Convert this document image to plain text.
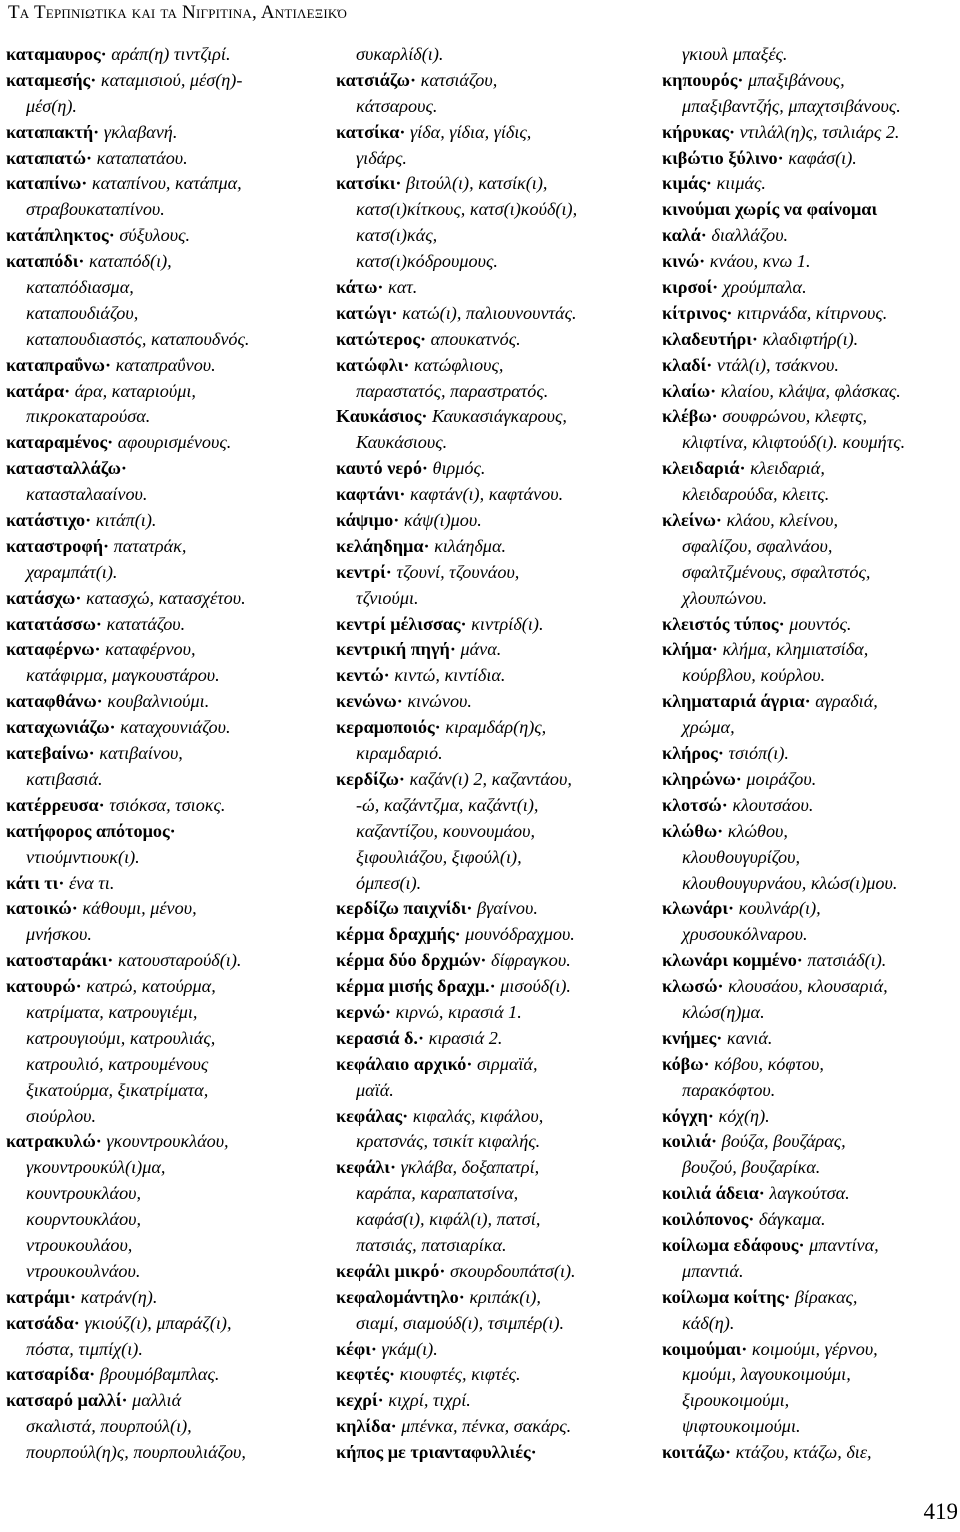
Τα Τερπνιωτικα και τα Νιγριτινα, Αντιλεξικό
καταμαυρος· αράπ(η) τιντζιρί.
καταμεσής· καταμισιού, μέσ(η)-
μέσ(η).
καταπακτή· γκλαβανή.
καταπατώ· καταπατάου.
καταπίνω· καταπίνου, κατάπμα,
στραβουκαταπίνου.
κατάπληκτος· σύξυλους.
καταπόδι· καταπόδ(ι),
καταπόδιασμα,
καταπουδιάζου,
καταπουδιαστός, καταπουδνός.
καταπραΰνω· καταπραΰνου.
κατάρα· άρα, καταριούμι,
πικροκαταρούσα.
καταραμένος· αφουρισμένους.
κατασταλλάζω·
κατασταλααίνου.
κατάστιχο· κιτάπ(ι).
καταστροφή· πατατράκ,
χαραμπάτ(ι).
κατάσχω· κατασχώ, κατασχέτου.
κατατάσσω· κατατάζου.
καταφέρνω· καταφέρνου,
κατάφιρμα, μαγκουστάρου.
καταφθάνω· κουβαλνιούμι.
καταχωνιάζω· καταχουνιάζου.
κατεβαίνω· κατιβαίνου,
κατιβασιά.
κατέρρευσα· τσιόκσα, τσιοκς.
κατήφορος απότομος·
ντιούμντιουκ(ι).
κάτι τι· ένα τι.
κατοικώ· κάθουμι, μένου,
μνήσκου.
κατοσταράκι· κατουσταρούδ(ι).
κατουρώ· κατρώ, κατούρμα,
κατρίματα, κατρουγιέμι,
κατρουγιούμι, κατρουλιάς,
κατρουλιό, κατρουμένους
ξικατούρμα, ξικατρίματα,
σιούρλου.
κατρακυλώ· γκουντρουκλάου,
γκουντρουκύλ(ι)μα,
κουντρουκλάου,
κουρντουκλάου,
ντρουκουλάου,
ντρουκουλνάου.
κατράμι· κατράν(η).
κατσάδα· γκιούζ(ι), μπαράζ(ι),
πόστα, τιμπίχ(ι).
κατσαρίδα· βρουμόβαμπλας.
κατσαρό μαλλί· μαλλιά
σκαλιστά, πουρπούλ(ι),
πουρπούλ(η)ς, πουρπουλιάζου,
συκαρλίδ(ι).
κατσιάζω· κατσιάζου,
κάτσαρους.
κατσίκα· γίδα, γίδια, γίδις,
γιδάρς.
κατσίκι· βιτούλ(ι), κατσίκ(ι),
κατσ(ι)κίτκους, κατσ(ι)κούδ(ι),
κατσ(ι)κάς,
κατσ(ι)κόδρουμους.
κάτω· κατ.
κατώγι· κατώ(ι), παλιουνουντάς.
κατώτερος· απουκατνός.
κατώφλι· κατώφλιους,
παραστατός, παραστρατός.
Καυκάσιος· Καυκασιάγκαρους,
Καυκάσιους.
καυτό νερό· θιρμός.
καφτάνι· καφτάν(ι), καφτάνου.
κάψιμο· κάψ(ι)μου.
κελάηδημα· κιλάηδμα.
κεντρί· τζουνί, τζουνάου,
τζνιούμι.
κεντρί μέλισσας· κιντρίδ(ι).
κεντρική πηγή· μάνα.
κεντώ· κιντώ, κιντίδια.
κενώνω· κινώνου.
κεραμοποιός· κιραμδάρ(η)ς,
κιραμδαριό.
κερδίζω· καζάν(ι) 2, καζαντάου,
-ώ, καζάντζμα, καζάντ(ι),
καζαντίζου, κουνουμάου,
ξιφουλιάζου, ξιφούλ(ι),
όμπεσ(ι).
κερδίζω παιχνίδι· βγαίνου.
κέρμα δραχμής· μουνόδραχμου.
κέρμα δύο δρχμών· δίφραγκου.
κέρμα μισής δραχμ.· μισούδ(ι).
κερνώ· κιρνώ, κιρασιά 1.
κερασιά δ.· κιρασιά 2.
κεφάλαιο αρχικό· σιρμαϊά,
μαϊά.
κεφάλας· κιφαλάς, κιφάλου,
κρατσνάς, τσικίτ κιφαλής.
κεφάλι· γκλάβα, δοξαπατρί,
καράπα, καραπατσίνα,
καφάσ(ι), κιφάλ(ι), πατσί,
πατσιάς, πατσιαρίκα.
κεφάλι μικρό· σκουρδουπάτσ(ι).
κεφαλομάντηλο· κριπάκ(ι),
σιαμί, σιαμούδ(ι), τσιμπέρ(ι).
κέφι· γκάμ(ι).
κεφτές· κιουφτές, κιφτές.
κεχρί· κιχρί, τιχρί.
κηλίδα· μπένκα, πένκα, σακάρς.
κήπος με τριανταφυλλιές·
γκιουλ μπαξές.
κηπουρός· μπαξιβάνους,
μπαξιβαντζής, μπαχτσιβάνους.
κήρυκας· ντιλάλ(η)ς, τσιλιάρς 2.
κιβώτιο ξύλινο· καφάσ(ι).
κιμάς· κιιμάς.
κινούμαι χωρίς να φαίνομαι
καλά· διαλλάζου.
κινώ· κνάου, κνω 1.
κιρσοί· χρούμπαλα.
κίτρινος· κιτιρνάδα, κίτιρνους.
κλαδευτήρι· κλαδιφτήρ(ι).
κλαδί· ντάλ(ι), τσάκνου.
κλαίω· κλαίου, κλάψα, φλάσκας.
κλέβω· σουφρώνου, κλεφτς,
κλιφτίνα, κλιφτούδ(ι). κουμήτς.
κλειδαριά· κλειδαριά,
κλειδαρούδα, κλειτς.
κλείνω· κλάου, κλείνου,
σφαλίζου, σφαλνάου,
σφαλτζμένους, σφαλτστός,
χλουπώνου.
κλειστός τύπος· μουντός.
κλήμα· κλήμα, κλημιατσίδα,
κούρβλου, κούρλου.
κληματαριά άγρια· αγραδιά,
χρώμα,
κλήρος· τσιόπ(ι).
κληρώνω· μοιράζου.
κλοτσώ· κλουτσάου.
κλώθω· κλώθου,
κλουθουγυρίζου,
κλουθουγυρνάου, κλώσ(ι)μου.
κλωνάρι· κουλνάρ(ι),
χρυσουκόλναρου.
κλωνάρι κομμένο· πατσιάδ(ι).
κλωσώ· κλουσάου, κλουσαριά,
κλώσ(η)μα.
κνήμες· κανιά.
κόβω· κόβου, κόφτου,
παρακόφτου.
κόγχη· κόχ(η).
κοιλιά· βούζα, βουζάρας,
βουζού, βουζαρίκα.
κοιλιά άδεια· λαγκούτσα.
κοιλόπονος· δάγκαμα.
κοίλωμα εδάφους· μπαντίνα,
μπαντιά.
κοίλωμα κοίτης· βίρακας,
κάδ(η).
κοιμούμαι· κοιμούμι, γέρνου,
κμούμι, λαγουκοιμούμι,
ξιρουκοιμούμι,
ψιφτουκοιμούμι.
κοιτάζω· κτάζου, κτάζω, διε,
419
